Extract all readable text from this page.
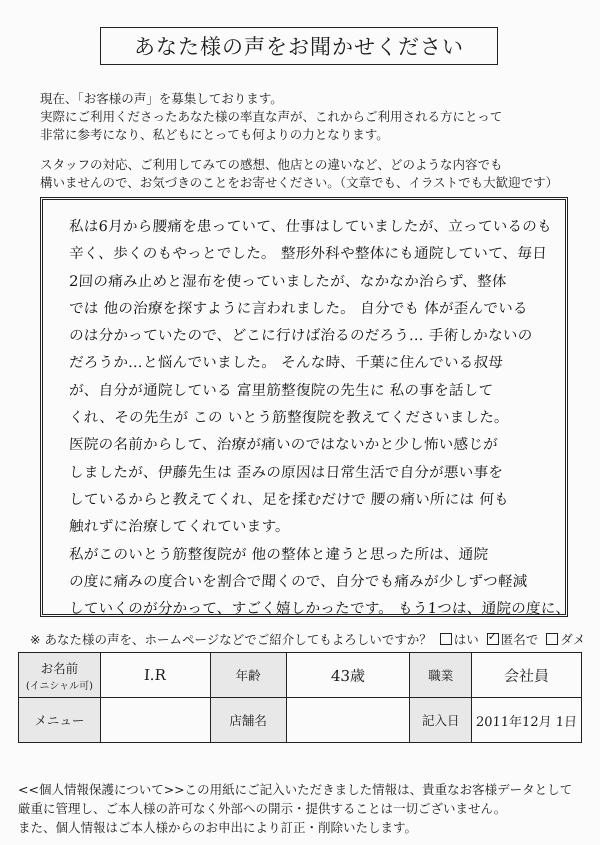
あなた様の声をお聞かせください

現在、「お客様の声」を募集しております。

実際にご利用くださったあなた様の率直な声が、これからご利用される方にとって

非常に参考になり、私どもにとっても何よりの力となります。

スタッフの対応、ご利用してみての感想、他店との違いなど、どのような内容でも

構いませんので、お気づきのことをお寄せください。（文章でも、イラストでも大歓迎です）

私は6月から腰痛を患っていて、仕事はしていましたが、立っているのも
辛く、歩くのもやっとでした。 整形外科や整体にも通院していて、毎日
2回の痛み止めと湿布を使っていましたが、なかなか治らず、整体
では 他の治療を探すように言われました。 自分でも 体が歪んでいる
のは分かっていたので、どこに行けば治るのだろう… 手術しかないの
だろうか…と悩んでいました。 そんな時、千葉に住んでいる叔母
が、自分が通院している 富里筋整復院の先生に 私の事を話して
くれ、その先生が この いとう筋整復院を教えてくださいました。
医院の名前からして、治療が痛いのではないかと少し怖い感じが
しましたが、伊藤先生は 歪みの原因は日常生活で自分が悪い事を
しているからと教えてくれ、足を揉むだけで 腰の痛い所には 何も
触れずに治療してくれています。
私がこのいとう筋整復院が 他の整体と違うと思った所は、通院
の度に痛みの度合いを割合で聞くので、自分でも痛みが少しずつ軽減
していくのが分かって、すごく嬉しかったです。 もう1つは、通院の度に、
※ あなた様の声を、ホームページなどでご紹介してもよろしいですか？ はい ✓ 匿名で ダメ
お名前
(イニシャル可)	I.R	年齢	43歳	職業	会社員
メニュー		店舗名		記入日	2011年12月 1日

<<個人情報保護について>>この用紙にご記入いただきました情報は、貴重なお客様データとして

厳重に管理し、ご本人様の許可なく外部への開示・提供することは一切ございません。

また、個人情報はご本人様からのお申出により訂正・削除いたします。
